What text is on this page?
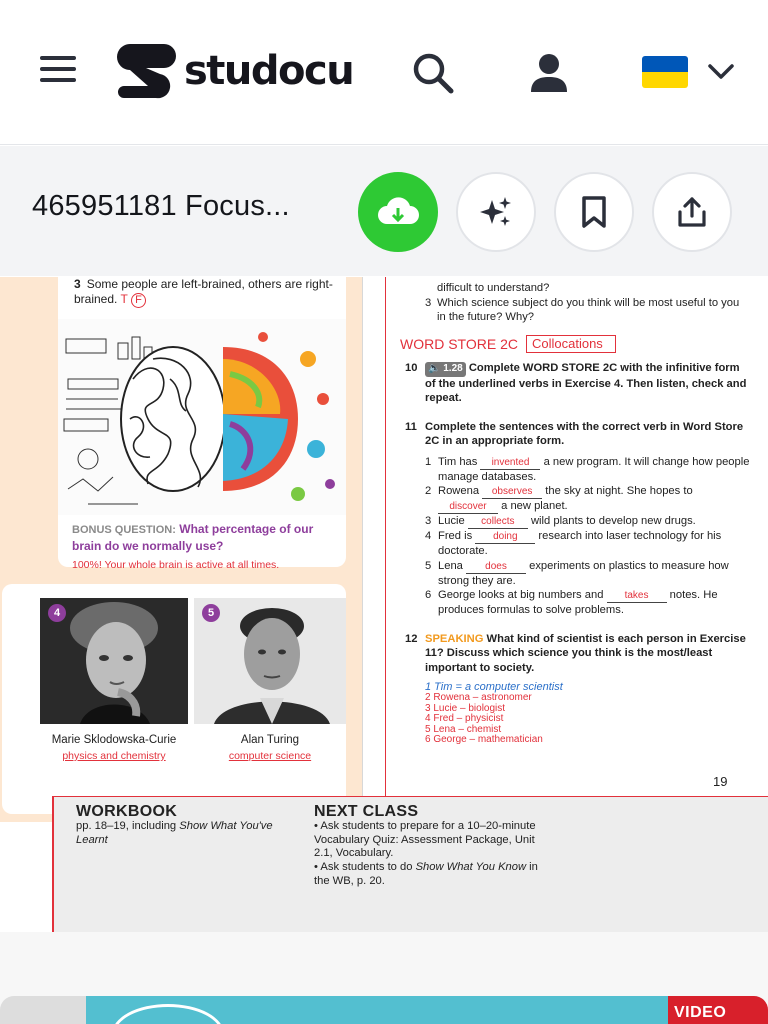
studocu
465951181 Focus...
3 Some people are left-brained, others are right-brained. T F
BONUS QUESTION: What percentage of our brain do we normally use?
100%! Your whole brain is active at all times.
4	5
Marie Sklodowska-Curie
physics and chemistry
Alan Turing
computer science
difficult to understand?
3 Which science subject do you think will be most useful to you in the future? Why?
WORD STORE 2C	Collocations
10 🔈 1.28 Complete WORD STORE 2C with the infinitive form of the underlined verbs in Exercise 4. Then listen, check and repeat.
11 Complete the sentences with the correct verb in Word Store 2C in an appropriate form.
1 Tim has invented a new program. It will change how people manage databases.
2 Rowena observes the sky at night. She hopes to discover a new planet.
3 Lucie collects wild plants to develop new drugs.
4 Fred is doing research into laser technology for his doctorate.
5 Lena does experiments on plastics to measure how strong they are.
6 George looks at big numbers and takes notes. He produces formulas to solve problems.
12 SPEAKING What kind of scientist is each person in Exercise 11? Discuss which science you think is the most/least important to society.
1 Tim = a computer scientist
2 Rowena – astronomer
3 Lucie – biologist
4 Fred – physicist
5 Lena – chemist
6 George – mathematician
19
WORKBOOK
pp. 18–19, including Show What You've Learnt
NEXT CLASS
• Ask students to prepare for a 10–20-minute Vocabulary Quiz: Assessment Package, Unit 2.1, Vocabulary.
• Ask students to do Show What You Know in the WB, p. 20.
VIDEO
